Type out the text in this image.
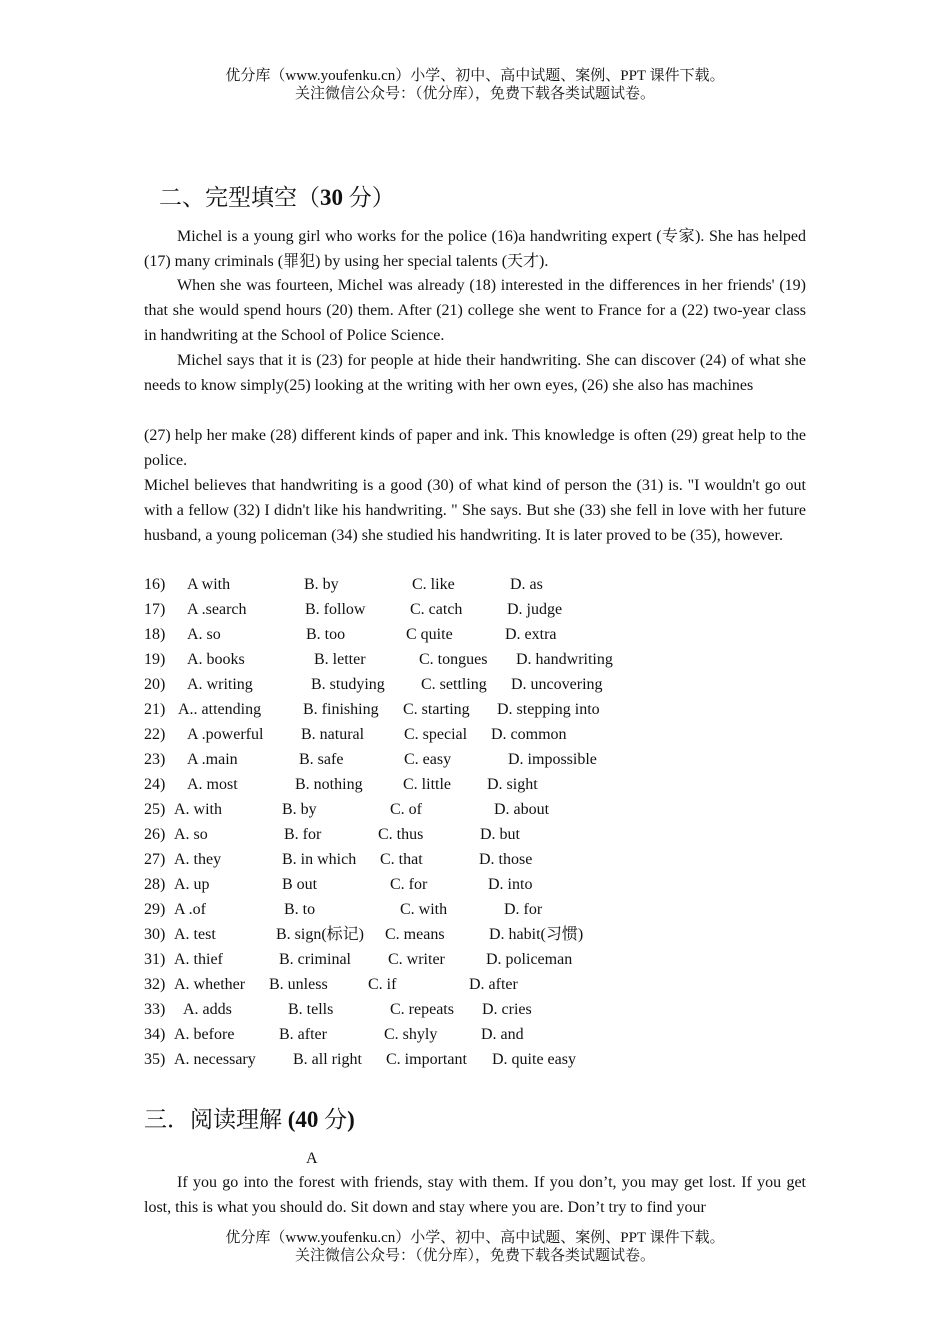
优分库（www.youfenku.cn）小学、初中、高中试题、案例、PPT 课件下载。
关注微信公众号：（优分库），免费下载各类试题试卷。
二、完型填空（30 分）

Michel is a young girl who works for the police (16)a handwriting expert (专家). She has helped (17) many criminals (罪犯) by using her special talents (天才).

When she was fourteen, Michel was already (18) interested in the differences in her friends' (19) that she would spend hours (20) them. After (21) college she went to France for a (22) two-year class in handwriting at the School of Police Science.

Michel says that it is (23) for people at hide their handwriting. She can discover (24) of what she needs to know simply(25) looking at the writing with her own eyes, (26) she also has machines

(27) help her make (28) different kinds of paper and ink. This knowledge is often (29) great help to the police.

Michel believes that handwriting is a good (30) of what kind of person the (31) is. "I wouldn't go out with a fellow (32) I didn't like his handwriting. " She says. But she (33) she fell in love with her future husband, a young policeman (34) she studied his handwriting. It is later proved to be (35), however.

16) A with	B. by	C. like	D. as
17) A .search	B. follow	C. catch	D. judge
18) A. so	B. too	C quite	D. extra
19) A. books	B. letter	C. tongues D. handwriting
20) A. writing	B. studying C. settling D. uncovering
21) A.. attending	B. finishing C. starting D. stepping into
22) A .powerful B. natural C. special D. common
23) A .main	B. safe	C. easy	D. impossible
24) A. most	B. nothing	C. little D. sight
25) A. with	B. by	C. of	D. about
26) A. so	B. for	C. thus	D. but
27) A. they	B. in which C. that	D. those
28) A. up	B out	C. for	D. into
29) A .of	B. to	C. with	D. for
30) A. test	B. sign(标记) C. means	D. habit(习惯)
31) A. thief	B. criminal C. writer	D. policeman
32) A. whether B. unless	C. if	D. after
33) A. adds	B. tells	C. repeats D. cries
34) A. before	B. after	C. shyly	D. and
35) A. necessary B. all right C. important D. quite easy
三．阅读理解 (40 分)
A

If you go into the forest with friends, stay with them. If you don’t, you may get lost. If you get lost, this is what you should do. Sit down and stay where you are. Don’t try to find your

优分库（www.youfenku.cn）小学、初中、高中试题、案例、PPT 课件下载。
关注微信公众号：（优分库），免费下载各类试题试卷。
